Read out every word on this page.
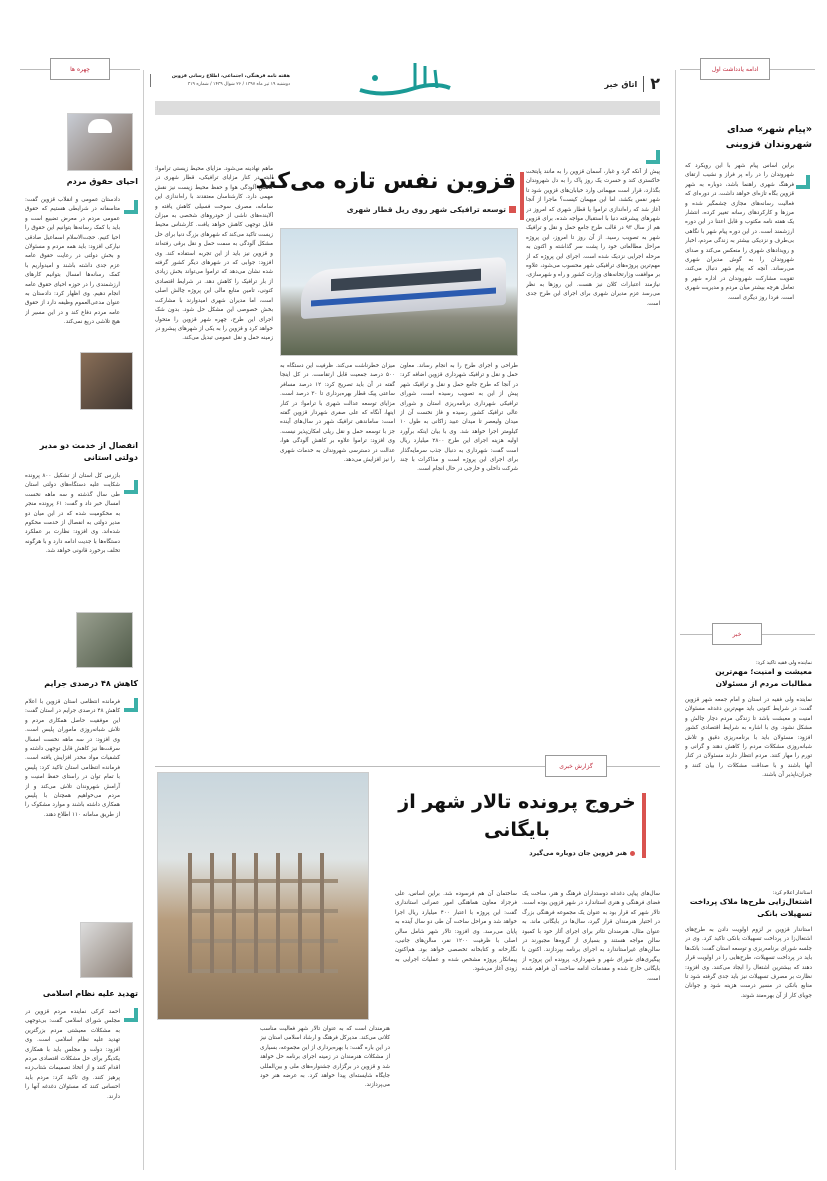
۲
اتاق خبر
هفته نامه فرهنگی، اجتماعی، اطلاع رسانی قزوین
دوشنبه ۱۹ تیر ماه ۱۳۹۷ / ۲۶ شوال ۱۴۳۹ / شماره ۳۱۹
ادامه یادداشت اول
«پیام شهر» صدای شهروندان قزوینی
براین اساس پیام شهر با این رویکرد که شهروندان را در راه پر فراز و نشیب ارتقای فرهنگ شهری راهنما باشد، دوباره به شهر قزوین بگاه تازه‌ای خواهد داشت. در دوره‌ای که فعالیت رسانه‌های مجازی چشمگیر شده و مرزها و کارکردهای رسانه تغییر کرده، انتشار یک هفته نامه مکتوب و قابل اعتنا در این دوره ارزشمند است. در این دوره پیام شهر با نگاهی بی‌طرف و نزدیکی بیشتر به زندگی مردم، اخبار و رویدادهای شهری را منعکس می‌کند و صدای شهروندان را به گوش مدیران شهری می‌رساند. آنچه که پیام شهر دنبال می‌کند، تقویت مشارکت شهروندان در اداره شهر و تعامل هرچه بیشتر میان مردم و مدیریت شهری است. فردا روز دیگری است.
خبر
نماینده ولی فقیه تاکید کرد:
معیشت و امنیت؛ مهم‌ترین مطالبات مردم از مسئولان
نماینده ولی فقیه در استان و امام جمعه شهر قزوین گفت: در شرایط کنونی باید مهم‌ترین دغدغه مسئولان امنیت و معیشت باشد تا زندگی مردم دچار چالش و مشکل نشود. وی با اشاره به شرایط اقتصادی کشور افزود: مسئولان باید با برنامه‌ریزی دقیق و تلاش شبانه‌روزی مشکلات مردم را کاهش دهند و گرانی و تورم را مهار کنند. مردم انتظار دارند مسئولان در کنار آنها باشند و با صداقت مشکلات را بیان کنند و جبران‌ناپذیر آن باشند.
استاندار اعلام کرد:
اشتغال‌زایی طرح‌ها ملاک پرداخت تسهیلات بانکی
استاندار قزوین بر لزوم اولویت دادن به طرح‌های اشتغال‌زا در پرداخت تسهیلات بانکی تاکید کرد. وی در جلسه شورای برنامه‌ریزی و توسعه استان گفت: بانک‌ها باید در پرداخت تسهیلات، طرح‌هایی را در اولویت قرار دهند که بیشترین اشتغال را ایجاد می‌کنند. وی افزود: نظارت بر مصرف تسهیلات نیز باید جدی گرفته شود تا منابع بانکی در مسیر درست هزینه شود و جوانان جویای کار از آن بهره‌مند شوند.
قزوین نفس تازه می‌کند
توسعه ترافیکی شهر روی ریل قطار شهری
پیش از آنکه گرد و غبار، آسمان قزوین را به مانند پایتخت خاکستری کند و حسرت یک روز پاک را به دل شهروندان بگذارد، قرار است میهمانی وارد خیابان‌های قزوین شود تا شهر نفس بکشد، اما این میهمان کیست؟ ماجرا از آنجا آغاز شد که راه‌اندازی تراموا یا قطار شهری که امروز در شهرهای پیشرفته دنیا با استقبال مواجه شده، برای قزوین هم از سال ۹۳ در قالب طرح جامع حمل و نقل و ترافیک شهر به تصویب رسید. از آن روز تا امروز، این پروژه مراحل مطالعاتی خود را پشت سر گذاشته و اکنون به مرحله اجرایی نزدیک شده است. اجرای این پروژه که از مهم‌ترین پروژه‌های ترافیکی شهر محسوب می‌شود، علاوه بر موافقت وزارتخانه‌های وزارت کشور و راه و شهرسازی، نیازمند اعتبارات کلان نیز هست. این روزها به نظر می‌رسد عزم مدیران شهری برای اجرای این طرح جدی است.
طراحی و اجرای طرح را به انجام رساند. معاون حمل و نقل و ترافیک شهرداری قزوین اضافه کرد: در آنجا که طرح جامع حمل و نقل و ترافیک شهر پیش از این به تصویب رسیده است، شورای ترافیکی شهرداری برنامه‌ریزی استان و شورای عالی ترافیک کشور رسیده و فاز نخست آن از میدان ولیعصر تا میدان عبید زاکانی به طول ۱۰ کیلومتر اجرا خواهد شد. وی با بیان اینکه برآورد اولیه هزینه اجرای این طرح ۲۸۰۰ میلیارد ریال است گفت: شهرداری به دنبال جذب سرمایه‌گذار برای اجرای این پروژه است و مذاکرات با چند شرکت داخلی و خارجی در حال انجام است.
میزان خطرناشت می‌کند. ظرفیت این دستگاه به ۵۰۰ درصد جمعیت قابل ارتقاست. در کل اینجا گفته در آن باید تصریح کرد: ۱۲ درصد مسافر ساعتی پیک قطار بهره‌برداری تا ۳۰ درصد است. مزایای توسعه عدالت شهری با تراموا: در کنار اینها، آنگاه که علی صفری شهردار قزوین گفته است: ساماندهی ترافیک شهر در سال‌های آینده جز با توسعه حمل و نقل ریلی امکان‌پذیر نیست. وی افزود: تراموا علاوه بر کاهش آلودگی هوا، عدالت در دسترسی شهروندان به خدمات شهری را نیز افزایش می‌دهد.
ماهم نهادینه می‌شود. مزایای محیط زیستی تراموا: البته در کنار مزایای ترافیکی، قطار شهری در کاهش آلودگی هوا و حفظ محیط زیست نیز نقش مهمی دارد. کارشناسان معتقدند با راه‌اندازی این سامانه، مصرف سوخت فسیلی کاهش یافته و آلاینده‌های ناشی از خودروهای شخصی به میزان قابل توجهی کاهش خواهد یافت. کارشناس محیط زیست تاکید می‌کند که شهرهای بزرگ دنیا برای حل مشکل آلودگی به سمت حمل و نقل برقی رفته‌اند و قزوین نیز باید از این تجربه استفاده کند. وی افزود: جوابی که در شهرهای دیگر کشور گرفته شده نشان می‌دهد که تراموا می‌تواند بخش زیادی از بار ترافیک را کاهش دهد. در شرایط اقتصادی کنونی، تامین منابع مالی این پروژه چالش اصلی است، اما مدیران شهری امیدوارند با مشارکت بخش خصوصی این مشکل حل شود. بدون شک اجرای این طرح، چهره شهر قزوین را متحول خواهد کرد و قزوین را به یکی از شهرهای پیشرو در زمینه حمل و نقل عمومی تبدیل می‌کند.
گزارش خبری
خروج پرونده تالار شهر از بایگانی
هنر قزوین جان دوباره می‌گیرد
سال‌های پیاپی دغدغه دوستداران فرهنگ و هنر، ساخت یک فضای فرهنگی و هنری استاندارد در شهر قزوین بوده است. تالار شهر که قرار بود به عنوان یک مجموعه فرهنگی بزرگ در اختیار هنرمندان قرار گیرد، سال‌ها در بایگانی ماند. به عنوان مثال، هنرمندان تئاتر برای اجرای آثار خود با کمبود سالن مواجه هستند و بسیاری از گروه‌ها مجبورند در سالن‌های غیراستاندارد به اجرای برنامه بپردازند. اکنون با پیگیری‌های شورای شهر و شهرداری، پرونده این پروژه از بایگانی خارج شده و مقدمات ادامه ساخت آن فراهم شده است.
ساختمان آن هم فرسوده شد. براین اساس، علی فرجزاد معاون هماهنگی امور عمرانی استانداری گفت: این پروژه با اعتبار ۴۰۰ میلیارد ریال اجرا خواهد شد و مراحل ساخت آن طی دو سال آینده به پایان می‌رسد. وی افزود: تالار شهر شامل سالن اصلی با ظرفیت ۱۲۰۰ نفر، سالن‌های جانبی، نگارخانه و کتابخانه تخصصی خواهد بود. هم‌اکنون پیمانکار پروژه مشخص شده و عملیات اجرایی به زودی آغاز می‌شود.
هنرمندان است که به عنوان تالار شهر فعالیت مناسب کلانی می‌کند. مدیرکل فرهنگ و ارشاد اسلامی استان نیز در این باره گفت: با بهره‌برداری از این مجموعه، بسیاری از مشکلات هنرمندان در زمینه اجرای برنامه حل خواهد شد و قزوین در برگزاری جشنواره‌های ملی و بین‌المللی جایگاه شایسته‌ای پیدا خواهد کرد. به عرضه هنر خود می‌پردازند.
چهره ها
احیای حقوق مردم
دادستان عمومی و انقلاب قزوین گفت: متاسفانه در شرایطی هستیم که حقوق عمومی مردم در معرض تضییع است و باید با کمک رسانه‌ها بتوانیم این حقوق را احیا کنیم. حجت‌الاسلام اسماعیل صادقی نیارکی افزود: باید همه مردم و مسئولان و بخش دولتی در رعایت حقوق عامه عزم جدی داشته باشند و امیدواریم با کمک رسانه‌ها امسال بتوانیم کارهای ارزشمندی را در حوزه احیای حقوق عامه انجام دهیم. وی اظهار کرد: دادستان به عنوان مدعی‌العموم وظیفه دارد از حقوق عامه مردم دفاع کند و در این مسیر از هیچ تلاشی دریغ نمی‌کند.
انفصال از خدمت دو مدیر دولتی استانی
بازرس کل استان از تشکیل ۸۰۰ پرونده شکایت علیه دستگاه‌های دولتی استان طی سال گذشته و سه ماهه نخست امسال خبر داد و گفت: ۶۱ پرونده منجر به محکومیت شده که در این میان دو مدیر دولتی به انفصال از خدمت محکوم شده‌اند. وی افزود: نظارت بر عملکرد دستگاه‌ها با جدیت ادامه دارد و با هرگونه تخلف برخورد قانونی خواهد شد.
کاهش ۴۸ درصدی جرایم
فرمانده انتظامی استان قزوین با اعلام کاهش ۴۸ درصدی جرایم در استان گفت: این موفقیت حاصل همکاری مردم و تلاش شبانه‌روزی ماموران پلیس است. وی افزود: در سه ماهه نخست امسال سرقت‌ها نیز کاهش قابل توجهی داشته و کشفیات مواد مخدر افزایش یافته است. فرمانده انتظامی استان تاکید کرد: پلیس با تمام توان در راستای حفظ امنیت و آرامش شهروندان تلاش می‌کند و از مردم می‌خواهیم همچنان با پلیس همکاری داشته باشند و موارد مشکوک را از طریق سامانه ۱۱۰ اطلاع دهند.
تهدید علیه نظام اسلامی
احمد کرکی نماینده مردم قزوین در مجلس شورای اسلامی گفت: بی‌توجهی به مشکلات معیشتی مردم بزرگترین تهدید علیه نظام اسلامی است. وی افزود: دولت و مجلس باید با همکاری یکدیگر برای حل مشکلات اقتصادی مردم اقدام کنند و از اتخاذ تصمیمات شتاب‌زده پرهیز کنند. وی تاکید کرد: مردم باید احساس کنند که مسئولان دغدغه آنها را دارند.
